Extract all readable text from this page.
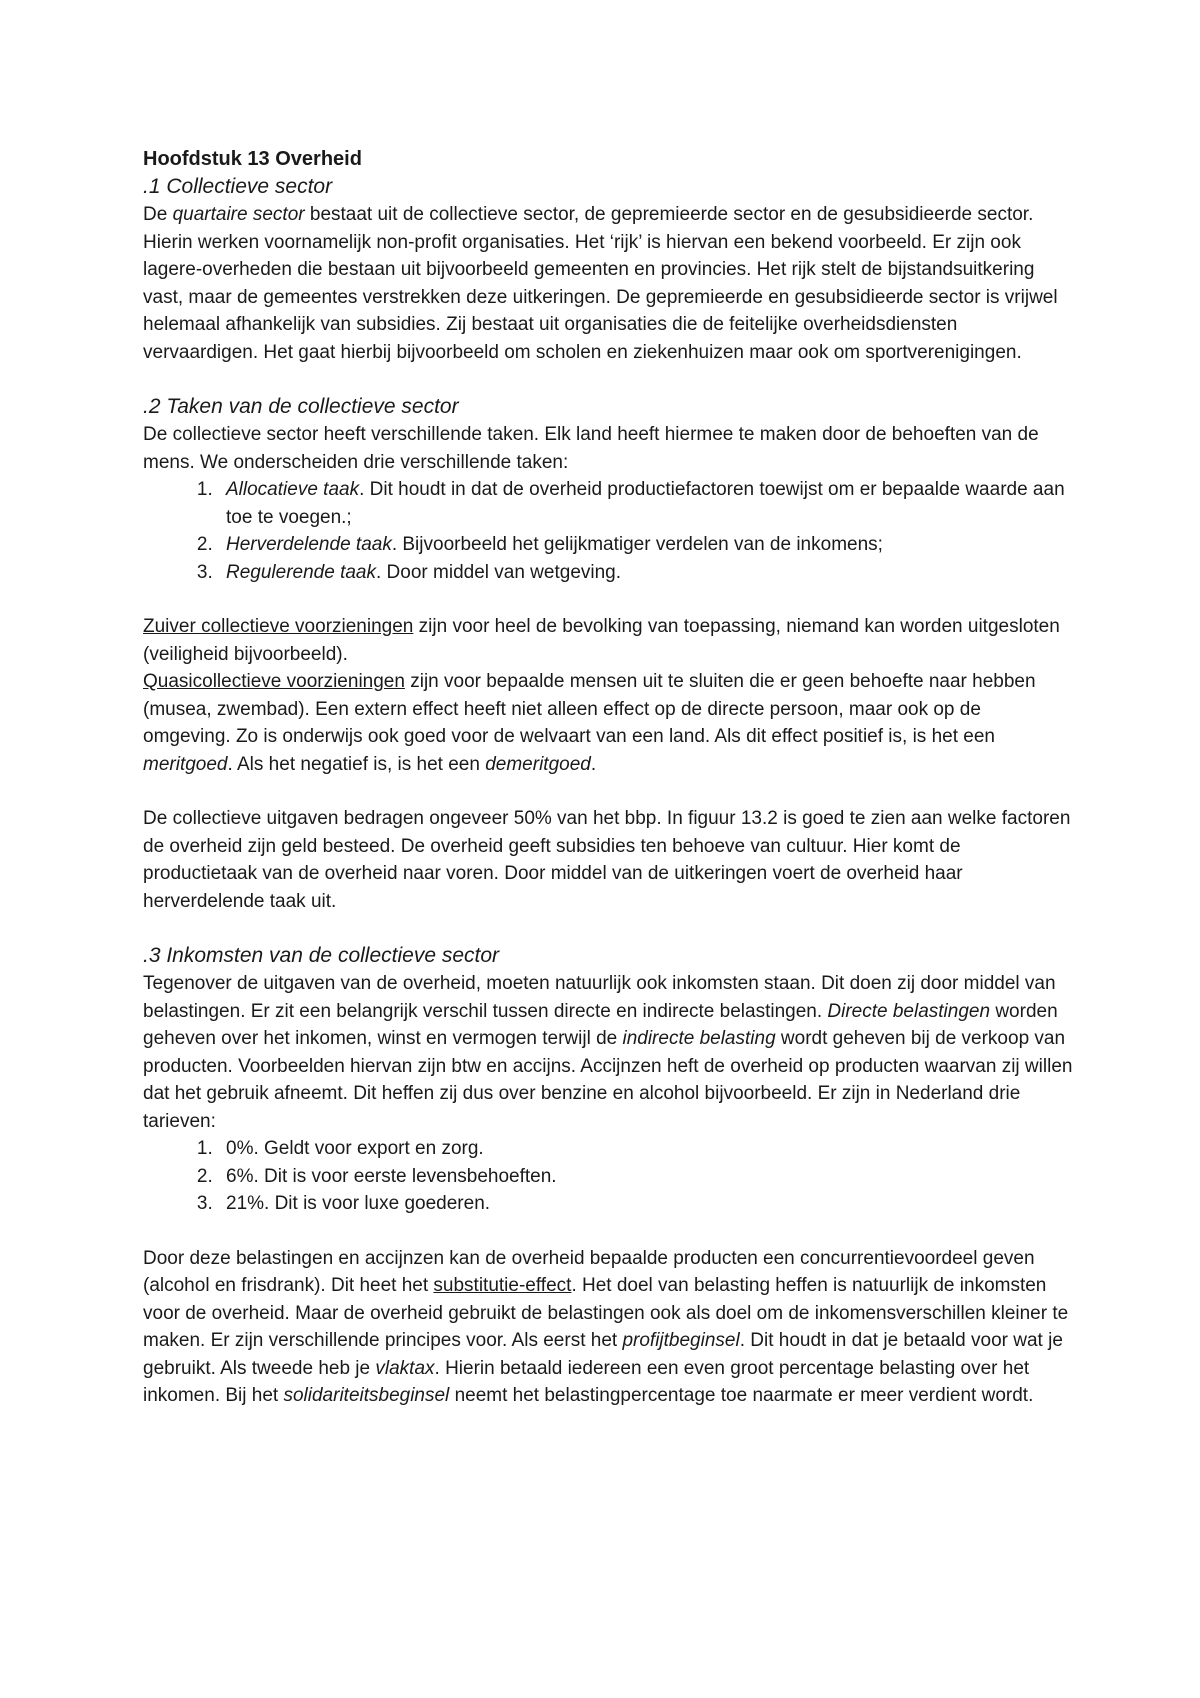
Hoofdstuk 13 Overheid
.1 Collectieve sector

De quartaire sector bestaat uit de collectieve sector, de gepremieerde sector en de gesubsidieerde sector. Hierin werken voornamelijk non-profit organisaties. Het ‘rijk’ is hiervan een bekend voorbeeld. Er zijn ook lagere-overheden die bestaan uit bijvoorbeeld gemeenten en provincies. Het rijk stelt de bijstandsuitkering vast, maar de gemeentes verstrekken deze uitkeringen. De gepremieerde en gesubsidieerde sector is vrijwel helemaal afhankelijk van subsidies. Zij bestaat uit organisaties die de feitelijke overheidsdiensten vervaardigen. Het gaat hierbij bijvoorbeeld om scholen en ziekenhuizen maar ook om sportverenigingen.

.2 Taken van de collectieve sector

De collectieve sector heeft verschillende taken. Elk land heeft hiermee te maken door de behoeften van de mens. We onderscheiden drie verschillende taken:

1. Allocatieve taak. Dit houdt in dat de overheid productiefactoren toewijst om er bepaalde waarde aan toe te voegen.;
2. Herverdelende taak. Bijvoorbeeld het gelijkmatiger verdelen van de inkomens;
3. Regulerende taak. Door middel van wetgeving.

Zuiver collectieve voorzieningen zijn voor heel de bevolking van toepassing, niemand kan worden uitgesloten (veiligheid bijvoorbeeld).

Quasicollectieve voorzieningen zijn voor bepaalde mensen uit te sluiten die er geen behoefte naar hebben (musea, zwembad). Een extern effect heeft niet alleen effect op de directe persoon, maar ook op de omgeving. Zo is onderwijs ook goed voor de welvaart van een land. Als dit effect positief is, is het een meritgoed. Als het negatief is, is het een demeritgoed.

De collectieve uitgaven bedragen ongeveer 50% van het bbp. In figuur 13.2 is goed te zien aan welke factoren de overheid zijn geld besteed. De overheid geeft subsidies ten behoeve van cultuur. Hier komt de productietaak van de overheid naar voren. Door middel van de uitkeringen voert de overheid haar herverdelende taak uit.

.3 Inkomsten van de collectieve sector

Tegenover de uitgaven van de overheid, moeten natuurlijk ook inkomsten staan. Dit doen zij door middel van belastingen. Er zit een belangrijk verschil tussen directe en indirecte belastingen. Directe belastingen worden geheven over het inkomen, winst en vermogen terwijl de indirecte belasting wordt geheven bij de verkoop van producten. Voorbeelden hiervan zijn btw en accijns. Accijnzen heft de overheid op producten waarvan zij willen dat het gebruik afneemt. Dit heffen zij dus over benzine en alcohol bijvoorbeeld. Er zijn in Nederland drie tarieven:

1. 0%. Geldt voor export en zorg.
2. 6%. Dit is voor eerste levensbehoeften.
3. 21%. Dit is voor luxe goederen.

Door deze belastingen en accijnzen kan de overheid bepaalde producten een concurrentievoordeel geven (alcohol en frisdrank). Dit heet het substitutie-effect. Het doel van belasting heffen is natuurlijk de inkomsten voor de overheid. Maar de overheid gebruikt de belastingen ook als doel om de inkomensverschillen kleiner te maken. Er zijn verschillende principes voor. Als eerst het profijtbeginsel. Dit houdt in dat je betaald voor wat je gebruikt. Als tweede heb je vlaktax. Hierin betaald iedereen een even groot percentage belasting over het inkomen. Bij het solidariteitsbeginsel neemt het belastingpercentage toe naarmate er meer verdient wordt.
